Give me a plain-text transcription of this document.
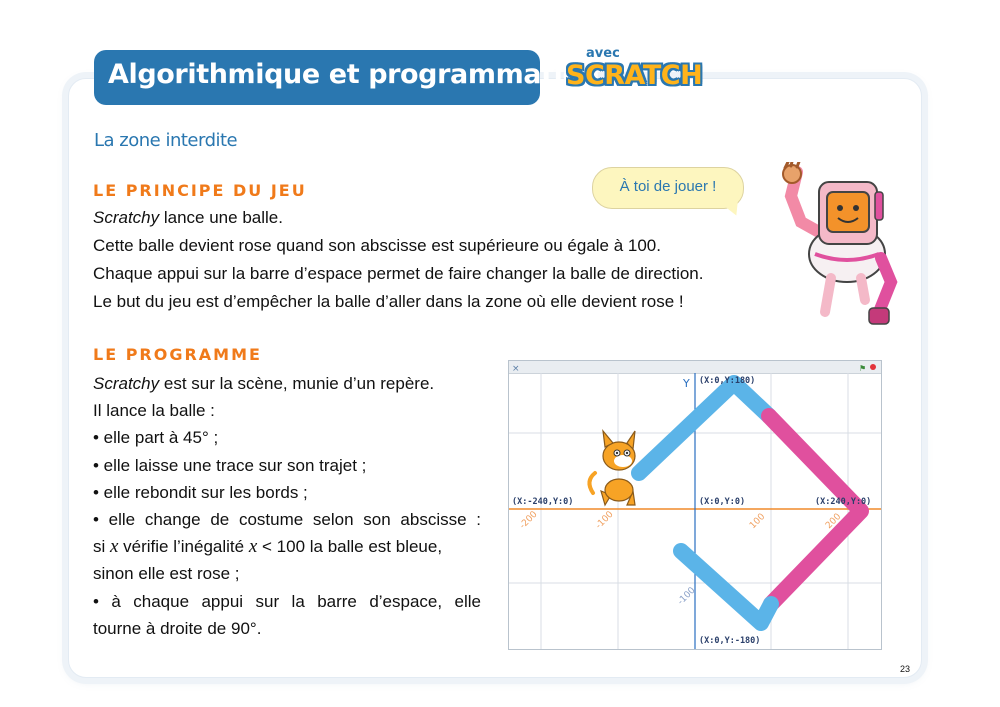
Algorithmique et programmation
avec
SCRATCH
La zone interdite
LE PRINCIPE DU JEU
Scratchy lance une balle.
Cette balle devient rose quand son abscisse est supérieure ou égale à 100.
Chaque appui sur la barre d’espace permet de faire changer la balle de direction.
Le but du jeu est d’empêcher la balle d’aller dans la zone où elle devient rose !
À toi de jouer !
LE PROGRAMME
Scratchy est sur la scène, munie d’un repère.
Il lance la balle :
• elle part à 45° ;
• elle laisse une trace sur son trajet ;
• elle rebondit sur les bords ;
• elle change de costume selon son abscisse :
si x vérifie l’inégalité x < 100 la balle est bleue,
sinon elle est rose ;
• à chaque appui sur la barre d’espace, elle
tourne à droite de 90°.
×	⚑
Y (X:0,Y:180)
(X:-240,Y:0)	(X:0,Y:0)	(X:240,Y:0)
(X:0,Y:-180)
-200	-100	100	200
-100
23
